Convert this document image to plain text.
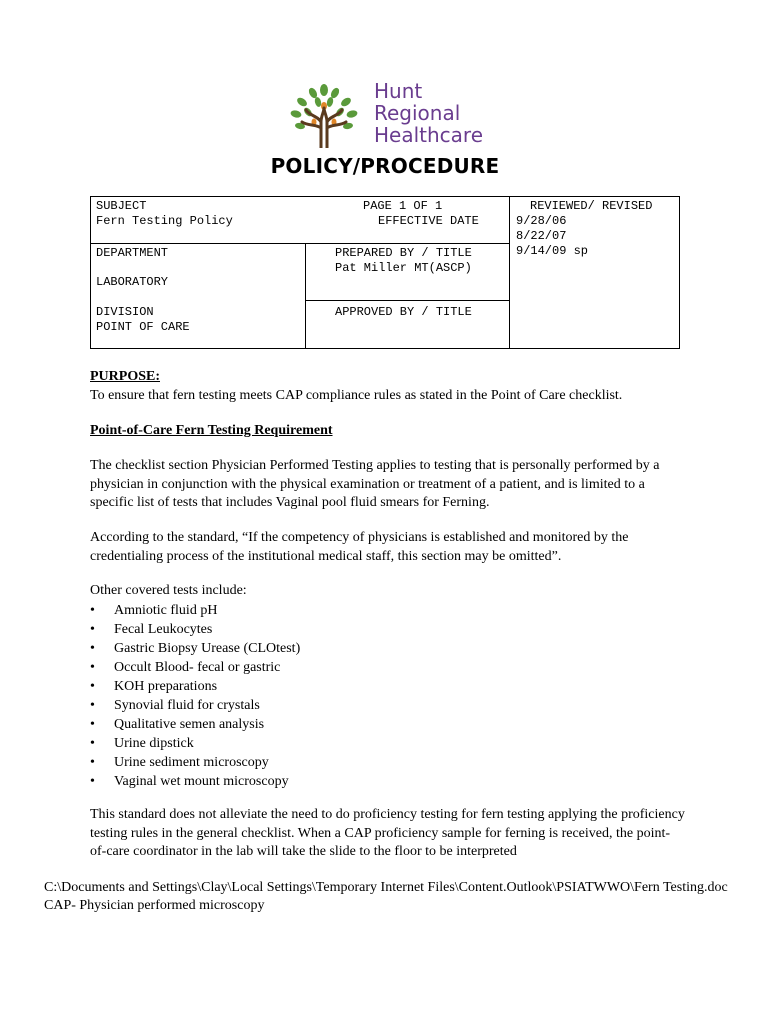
Hunt
Regional
Healthcare
POLICY/PROCEDURE
SUBJECT
Fern Testing Policy
PAGE 1 OF 1
EFFECTIVE DATE
REVIEWED/ REVISED
9/28/06
8/22/07
9/14/09 sp
DEPARTMENT
LABORATORY
PREPARED BY / TITLE
Pat Miller MT(ASCP)
DIVISION
POINT OF CARE
APPROVED BY / TITLE
PURPOSE:
To ensure that fern testing meets CAP compliance rules as stated in the Point of Care checklist.
Point-of-Care Fern Testing Requirement
The checklist section Physician Performed Testing applies to testing that is personally performed by a physician in conjunction with the physical examination or treatment of a patient, and is limited to a specific list of tests that includes Vaginal pool fluid smears for Ferning.
According to the standard, “If the competency of physicians is established and monitored by the credentialing process of the institutional medical staff, this section may be omitted”.
Other covered tests include:
• Amniotic fluid pH
• Fecal Leukocytes
• Gastric Biopsy Urease (CLOtest)
• Occult Blood- fecal or gastric
• KOH preparations
• Synovial fluid for crystals
• Qualitative semen analysis
• Urine dipstick
• Urine sediment microscopy
• Vaginal wet mount microscopy
This standard does not alleviate the need to do proficiency testing for fern testing applying the proficiency testing rules in the general checklist. When a CAP proficiency sample for ferning is received, the point-of-care coordinator in the lab will take the slide to the floor to be interpreted
C:\Documents and Settings\Clay\Local Settings\Temporary Internet Files\Content.Outlook\PSIATWWO\Fern Testing.doc
CAP- Physician performed microscopy
